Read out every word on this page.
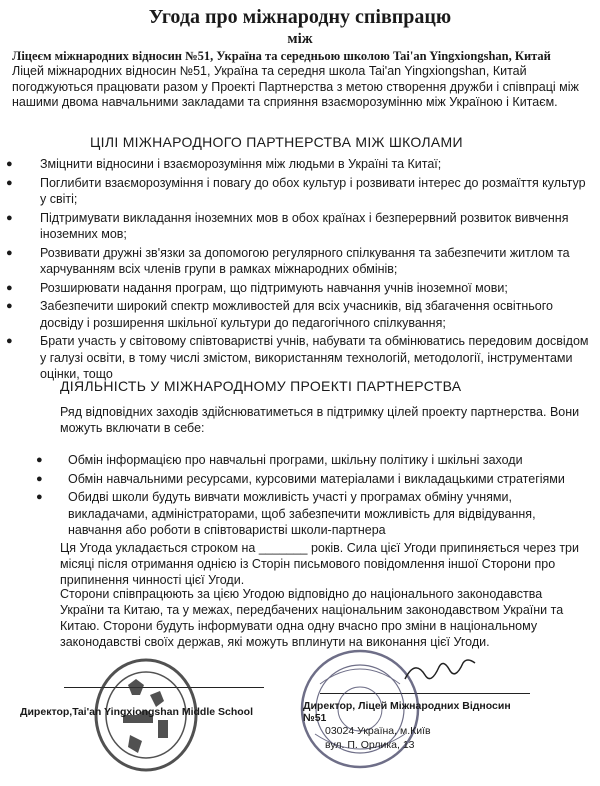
Угода про міжнародну співпрацю
між
Ліцеєм міжнародних відносин №51, Україна та середньою школою Tai'an Yingxiongshan, Китай
Ліцей міжнародних відносин №51, Україна та середня школа Tai'an Yingxiongshan, Китай погоджуються працювати разом у Проекті Партнерства з метою створення дружби і співпраці між нашими двома навчальними закладами та сприяння взаєморозумінню між Україною і Китаєм.
ЦІЛІ МІЖНАРОДНОГО ПАРТНЕРСТВА МІЖ ШКОЛАМИ
● Зміцнити відносини і взаєморозуміння між людьми в Україні та Китаї;
● Поглибити взаєморозуміння і повагу до обох культур і розвивати інтерес до розмаїття культур у світі;
● Підтримувати викладання іноземних мов в обох країнах і безперервний розвиток вивчення іноземних мов;
● Розвивати дружні зв'язки за допомогою регулярного спілкування та забезпечити житлом та харчуванням всіх членів групи в рамках міжнародних обмінів;
● Розширювати надання програм, що підтримують навчання учнів іноземної мови;
● Забезпечити широкий спектр можливостей для всіх учасників, від збагачення освітнього досвіду і розширення шкільної культури до педагогічного спілкування;
● Брати участь у світовому співтоваристві учнів, набувати та обмінюватись передовим досвідом у галузі освіти, в тому числі змістом, використанням технологій, методології, інструментами оцінки, тощо
ДІЯЛЬНІСТЬ У МІЖНАРОДНОМУ ПРОЕКТІ ПАРТНЕРСТВА
Ряд відповідних заходів здійснюватиметься в підтримку цілей проекту партнерства. Вони можуть включати в себе:
● Обмін інформацією про навчальні програми, шкільну політику і шкільні заходи
● Обмін навчальними ресурсами, курсовими матеріалами і викладацькими стратегіями
● Обидві школи будуть вивчати можливість участі у програмах обміну учнями, викладачами, адміністраторами, щоб забезпечити можливість для відвідування, навчання або роботи в співтоваристві школи-партнера
Ця Угода укладається строком на _______ років. Сила цієї Угоди припиняється через три місяці після отримання однією із Сторін письмового повідомлення іншої Сторони про припинення чинності цієї Угоди.
Сторони співпрацюють за цією Угодою відповідно до національного законодавства України та Китаю, та у межах, передбачених національним законодавством України та Китаю. Сторони будуть інформувати одна одну вчасно про зміни в національному законодавстві своїх держав, які можуть вплинути на виконання цієї Угоди.
Директор,Tai'an Yingxiongshan Middle School	Директор, Ліцей Міжнародних Відносин №51
03024 Україна, м.Київ
вул. П. Орлика, 13
